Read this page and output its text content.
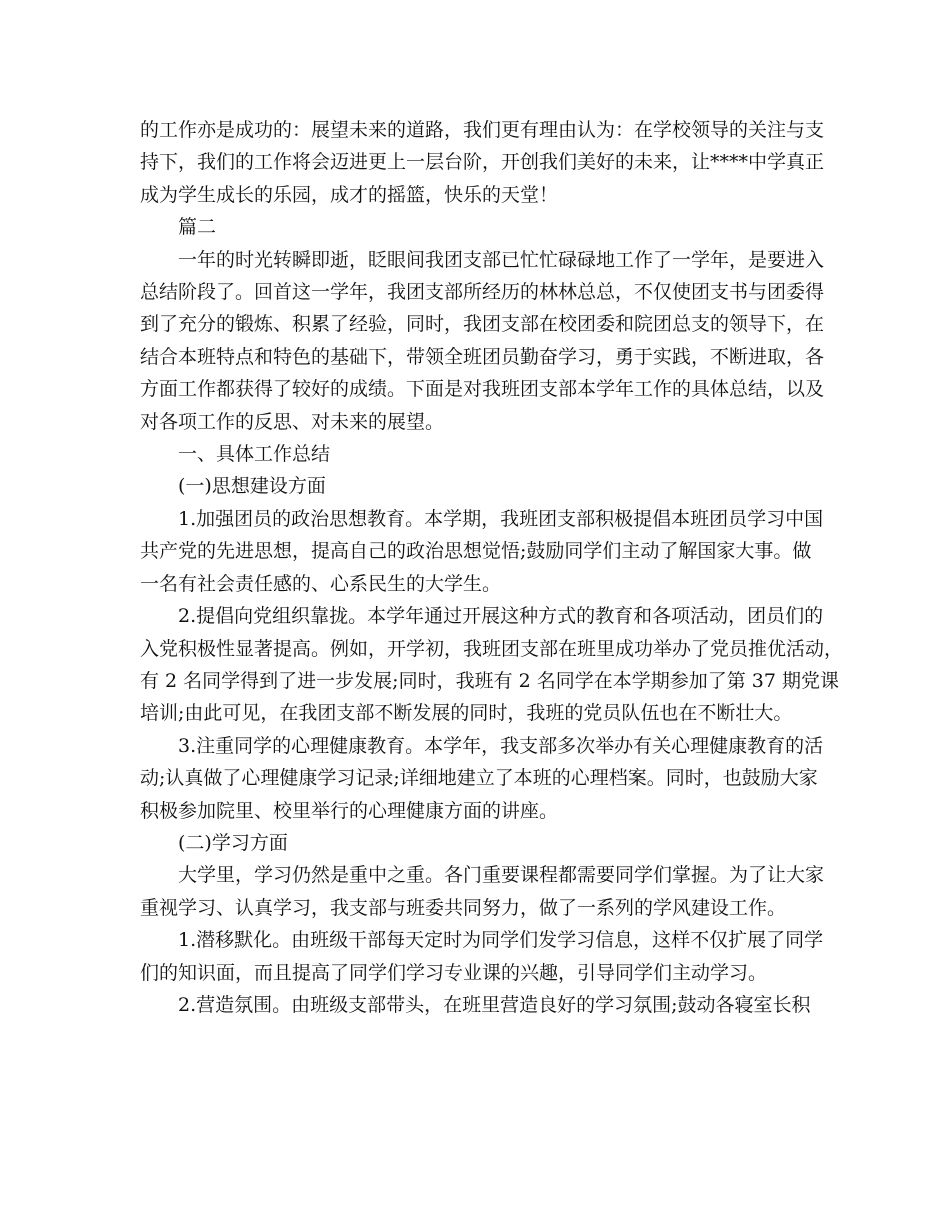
的工作亦是成功的：展望未来的道路，我们更有理由认为：在学校领导的关注与支
持下，我们的工作将会迈进更上一层台阶，开创我们美好的未来，让****中学真正
成为学生成长的乐园，成才的摇篮，快乐的天堂！
篇二
一年的时光转瞬即逝，眨眼间我团支部已忙忙碌碌地工作了一学年，是要进入
总结阶段了。回首这一学年，我团支部所经历的林林总总，不仅使团支书与团委得
到了充分的锻炼、积累了经验，同时，我团支部在校团委和院团总支的领导下，在
结合本班特点和特色的基础下，带领全班团员勤奋学习，勇于实践，不断进取，各
方面工作都获得了较好的成绩。下面是对我班团支部本学年工作的具体总结，以及
对各项工作的反思、对未来的展望。
一、具体工作总结
(一)思想建设方面
1.加强团员的政治思想教育。本学期，我班团支部积极提倡本班团员学习中国
共产党的先进思想，提高自己的政治思想觉悟;鼓励同学们主动了解国家大事。做
一名有社会责任感的、心系民生的大学生。
2.提倡向党组织靠拢。本学年通过开展这种方式的教育和各项活动，团员们的
入党积极性显著提高。例如，开学初，我班团支部在班里成功举办了党员推优活动，
有 2 名同学得到了进一步发展;同时，我班有 2 名同学在本学期参加了第 37 期党课
培训;由此可见，在我团支部不断发展的同时，我班的党员队伍也在不断壮大。
3.注重同学的心理健康教育。本学年，我支部多次举办有关心理健康教育的活
动;认真做了心理健康学习记录;详细地建立了本班的心理档案。同时，也鼓励大家
积极参加院里、校里举行的心理健康方面的讲座。
(二)学习方面
大学里，学习仍然是重中之重。各门重要课程都需要同学们掌握。为了让大家
重视学习、认真学习，我支部与班委共同努力，做了一系列的学风建设工作。
1.潜移默化。由班级干部每天定时为同学们发学习信息，这样不仅扩展了同学
们的知识面，而且提高了同学们学习专业课的兴趣，引导同学们主动学习。
2.营造氛围。由班级支部带头，在班里营造良好的学习氛围;鼓动各寝室长积
